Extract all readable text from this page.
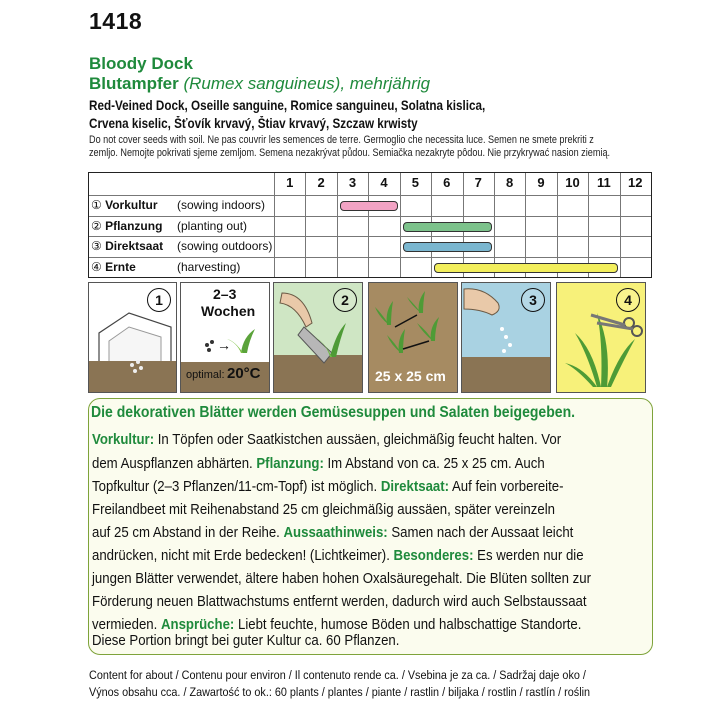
1418
Bloody Dock
Blutampfer (Rumex sanguineus), mehrjährig
Red-Veined Dock, Oseille sanguine, Romice sanguineu, Solatna kislica,
Crvena kiselic, Šťovík krvavý, Štiav krvavý, Szczaw krwisty
Do not cover seeds with soil. Ne pas couvrir les semences de terre. Germoglio che necessita luce. Semen ne smete prekriti z
zemljo. Nemojte pokrivati sjeme zemljom. Semena nezakrývat půdou. Semiačka nezakryte pôdou. Nie przykrywać nasion ziemią.
1	2	3	4	5	6	7	8	9	10	11	12
① Vorkultur (sowing indoors)
② Pflanzung (planting out)
③ Direktsaat (sowing outdoors)
④ Ernte	(harvesting)
1	2–3
Wochen
→
optimal: 20°C
2
25 x 25 cm
3	4
Die dekorativen Blätter werden Gemüsesuppen und Salaten beigegeben.
Vorkultur: In Töpfen oder Saatkistchen aussäen, gleichmäßig feucht halten. Vor
dem Auspflanzen abhärten. Pflanzung: Im Abstand von ca. 25 x 25 cm. Auch
Topfkultur (2–3 Pflanzen/11-cm-Topf) ist möglich. Direktsaat: Auf fein vorbereite-
Freilandbeet mit Reihenabstand 25 cm gleichmäßig aussäen, später vereinzeln
auf 25 cm Abstand in der Reihe. Aussaathinweis: Samen nach der Aussaat leicht
andrücken, nicht mit Erde bedecken! (Lichtkeimer). Besonderes: Es werden nur die
jungen Blätter verwendet, ältere haben hohen Oxalsäuregehalt. Die Blüten sollten zur
Förderung neuen Blattwachstums entfernt werden, dadurch wird auch Selbstaussaat
vermieden. Ansprüche: Liebt feuchte, humose Böden und halbschattige Standorte.
Diese Portion bringt bei guter Kultur ca. 60 Pflanzen.
Content for about / Contenu pour environ / Il contenuto rende ca. / Vsebina je za ca. / Sadržaj daje oko /
Výnos obsahu cca. / Zawartość to ok.: 60 plants / plantes / piante / rastlin / biljaka / rostlin / rastlín / roślin
